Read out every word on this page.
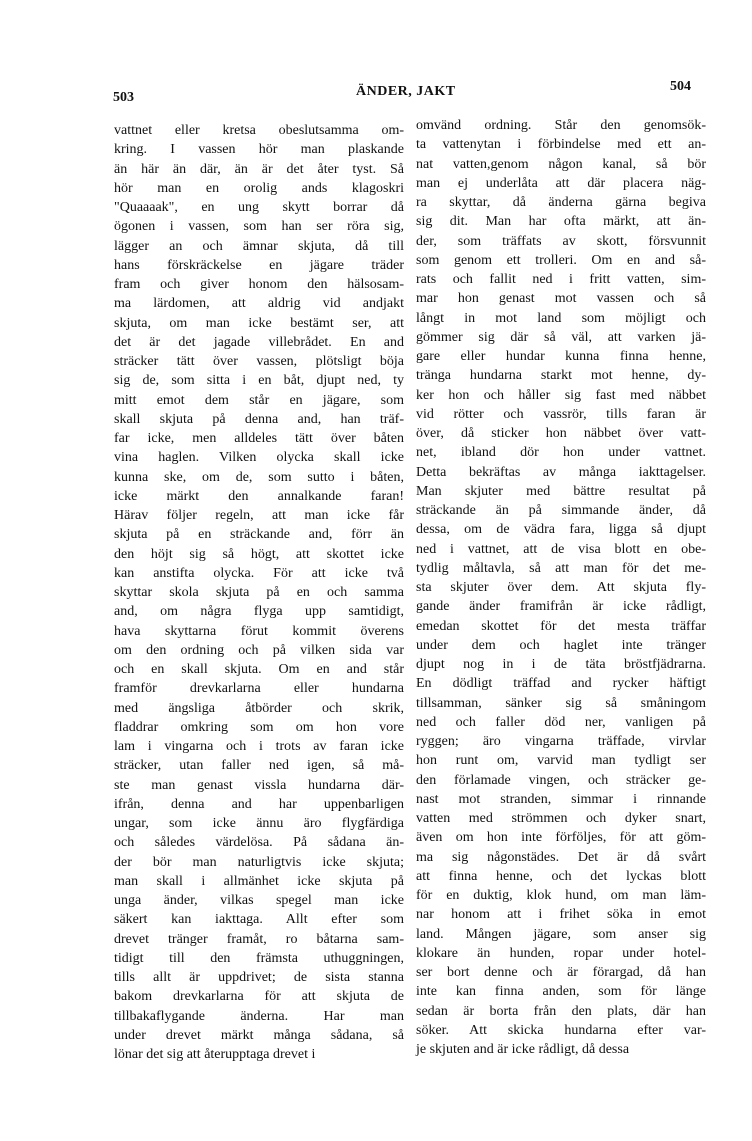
503	ÄNDER, JAKT	504
vattnet eller kretsa obeslutsamma om-
kring. I vassen hör man plaskande
än här än där, än är det åter tyst. Så
hör man en orolig ands klagoskri
"Quaaaak", en ung skytt borrar då
ögonen i vassen, som han ser röra sig,
lägger an och ämnar skjuta, då till
hans förskräckelse en jägare träder
fram och giver honom den hälsosam-
ma lärdomen, att aldrig vid andjakt
skjuta, om man icke bestämt ser, att
det är det jagade villebrådet. En and
sträcker tätt över vassen, plötsligt böja
sig de, som sitta i en båt, djupt ned, ty
mitt emot dem står en jägare, som
skall skjuta på denna and, han träf-
far icke, men alldeles tätt över båten
vina haglen. Vilken olycka skall icke
kunna ske, om de, som sutto i båten,
icke märkt den annalkande faran!
Härav följer regeln, att man icke får
skjuta på en sträckande and, förr än
den höjt sig så högt, att skottet icke
kan anstifta olycka. För att icke två
skyttar skola skjuta på en och samma
and, om några flyga upp samtidigt,
hava skyttarna förut kommit överens
om den ordning och på vilken sida var
och en skall skjuta. Om en and står
framför drevkarlarna eller hundarna
med ängsliga åtbörder och skrik,
fladdrar omkring som om hon vore
lam i vingarna och i trots av faran icke
sträcker, utan faller ned igen, så må-
ste man genast vissla hundarna där-
ifrån, denna and har uppenbarligen
ungar, som icke ännu äro flygfärdiga
och således värdelösa. På sådana än-
der bör man naturligtvis icke skjuta;
man skall i allmänhet icke skjuta på
unga änder, vilkas spegel man icke
säkert kan iakttaga. Allt efter som
drevet tränger framåt, ro båtarna sam-
tidigt till den främsta uthuggningen,
tills allt är uppdrivet; de sista stanna
bakom drevkarlarna för att skjuta de
tillbakaflygande änderna. Har man
under drevet märkt många sådana, så
lönar det sig att återupptaga drevet i
omvänd ordning. Står den genomsök-
ta vattenytan i förbindelse med ett an-
nat vatten,genom någon kanal, så bör
man ej underlåta att där placera näg-
ra skyttar, då änderna gärna begiva
sig dit. Man har ofta märkt, att än-
der, som träffats av skott, försvunnit
som genom ett trolleri. Om en and så-
rats och fallit ned i fritt vatten, sim-
mar hon genast mot vassen och så
långt in mot land som möjligt och
gömmer sig där så väl, att varken jä-
gare eller hundar kunna finna henne,
tränga hundarna starkt mot henne, dy-
ker hon och håller sig fast med näbbet
vid rötter och vassrör, tills faran är
över, då sticker hon näbbet över vatt-
net, ibland dör hon under vattnet.
Detta bekräftas av många iakttagelser.
Man skjuter med bättre resultat på
sträckande än på simmande änder, då
dessa, om de vädra fara, ligga så djupt
ned i vattnet, att de visa blott en obe-
tydlig måltavla, så att man för det me-
sta skjuter över dem. Att skjuta fly-
gande änder framifrån är icke rådligt,
emedan skottet för det mesta träffar
under dem och haglet inte tränger
djupt nog in i de täta bröstfjädrarna.
En dödligt träffad and rycker häftigt
tillsamman, sänker sig så småningom
ned och faller död ner, vanligen på
ryggen; äro vingarna träffade, virvlar
hon runt om, varvid man tydligt ser
den förlamade vingen, och sträcker ge-
nast mot stranden, simmar i rinnande
vatten med strömmen och dyker snart,
även om hon inte förföljes, för att göm-
ma sig någonstädes. Det är då svårt
att finna henne, och det lyckas blott
för en duktig, klok hund, om man läm-
nar honom att i frihet söka in emot
land. Mången jägare, som anser sig
klokare än hunden, ropar under hotel-
ser bort denne och är förargad, då han
inte kan finna anden, som för länge
sedan är borta från den plats, där han
söker. Att skicka hundarna efter var-
je skjuten and är icke rådligt, då dessa
